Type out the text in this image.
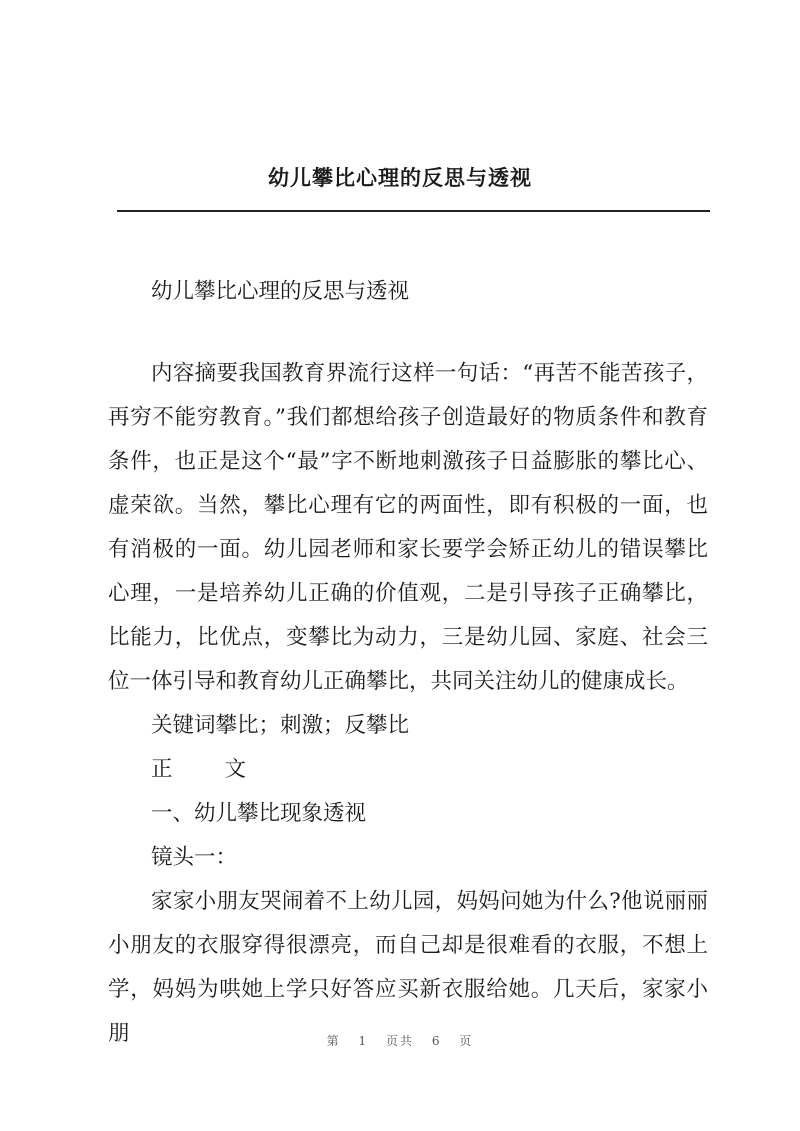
幼儿攀比心理的反思与透视

幼儿攀比心理的反思与透视

内容摘要我国教育界流行这样一句话：“再苦不能苦孩子，再穷不能穷教育。”我们都想给孩子创造最好的物质条件和教育条件，也正是这个“最”字不断地刺激孩子日益膨胀的攀比心、虚荣欲。当然，攀比心理有它的两面性，即有积极的一面，也有消极的一面。幼儿园老师和家长要学会矫正幼儿的错误攀比心理，一是培养幼儿正确的价值观，二是引导孩子正确攀比，比能力，比优点，变攀比为动力，三是幼儿园、家庭、社会三位一体引导和教育幼儿正确攀比，共同关注幼儿的健康成长。

关键词攀比；刺激；反攀比

正 文

一、幼儿攀比现象透视

镜头一：

家家小朋友哭闹着不上幼儿园，妈妈问她为什么?他说丽丽小朋友的衣服穿得很漂亮，而自己却是很难看的衣服，不想上学，妈妈为哄她上学只好答应买新衣服给她。几天后，家家小朋	第 1 页共 6 页
